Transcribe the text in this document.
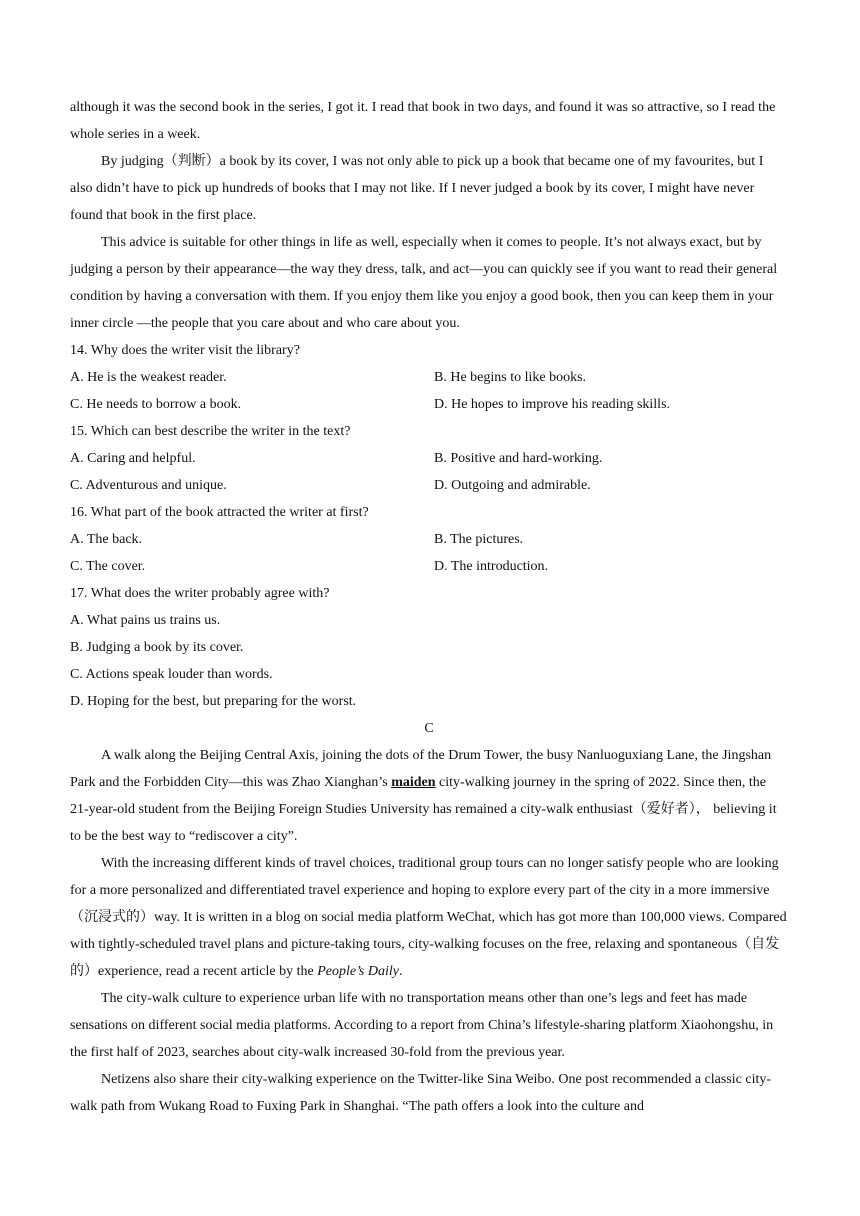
although it was the second book in the series, I got it. I read that book in two days, and found it was so attractive, so I read the whole series in a week.

By judging（判断）a book by its cover, I was not only able to pick up a book that became one of my favourites, but I also didn’t have to pick up hundreds of books that I may not like. If I never judged a book by its cover, I might have never found that book in the first place.

This advice is suitable for other things in life as well, especially when it comes to people. It’s not always exact, but by judging a person by their appearance—the way they dress, talk, and act—you can quickly see if you want to read their general condition by having a conversation with them. If you enjoy them like you enjoy a good book, then you can keep them in your inner circle —the people that you care about and who care about you.

14. Why does the writer visit the library?

A. He is the weakest reader.	B. He begins to like books.
C. He needs to borrow a book.	D. He hopes to improve his reading skills.

15. Which can best describe the writer in the text?

A. Caring and helpful.	B. Positive and hard-working.
C. Adventurous and unique.	D. Outgoing and admirable.

16. What part of the book attracted the writer at first?

A. The back.	B. The pictures.
C. The cover.	D. The introduction.

17. What does the writer probably agree with?

A. What pains us trains us.

B. Judging a book by its cover.

C. Actions speak louder than words.

D. Hoping for the best, but preparing for the worst.

C

A walk along the Beijing Central Axis, joining the dots of the Drum Tower, the busy Nanluoguxiang Lane, the Jingshan Park and the Forbidden City—this was Zhao Xianghan’s maiden city-walking journey in the spring of 2022. Since then, the 21-year-old student from the Beijing Foreign Studies University has remained a city-walk enthusiast（爱好者）， believing it to be the best way to “rediscover a city”.

With the increasing different kinds of travel choices, traditional group tours can no longer satisfy people who are looking for a more personalized and differentiated travel experience and hoping to explore every part of the city in a more immersive（沉浸式的）way. It is written in a blog on social media platform WeChat, which has got more than 100,000 views. Compared with tightly-scheduled travel plans and picture-taking tours, city-walking focuses on the free, relaxing and spontaneous（自发的）experience, read a recent article by the People’s Daily.

The city-walk culture to experience urban life with no transportation means other than one’s legs and feet has made sensations on different social media platforms. According to a report from China’s lifestyle-sharing platform Xiaohongshu, in the first half of 2023, searches about city-walk increased 30-fold from the previous year.

Netizens also share their city-walking experience on the Twitter-like Sina Weibo. One post recommended a classic city-walk path from Wukang Road to Fuxing Park in Shanghai. “The path offers a look into the culture and
